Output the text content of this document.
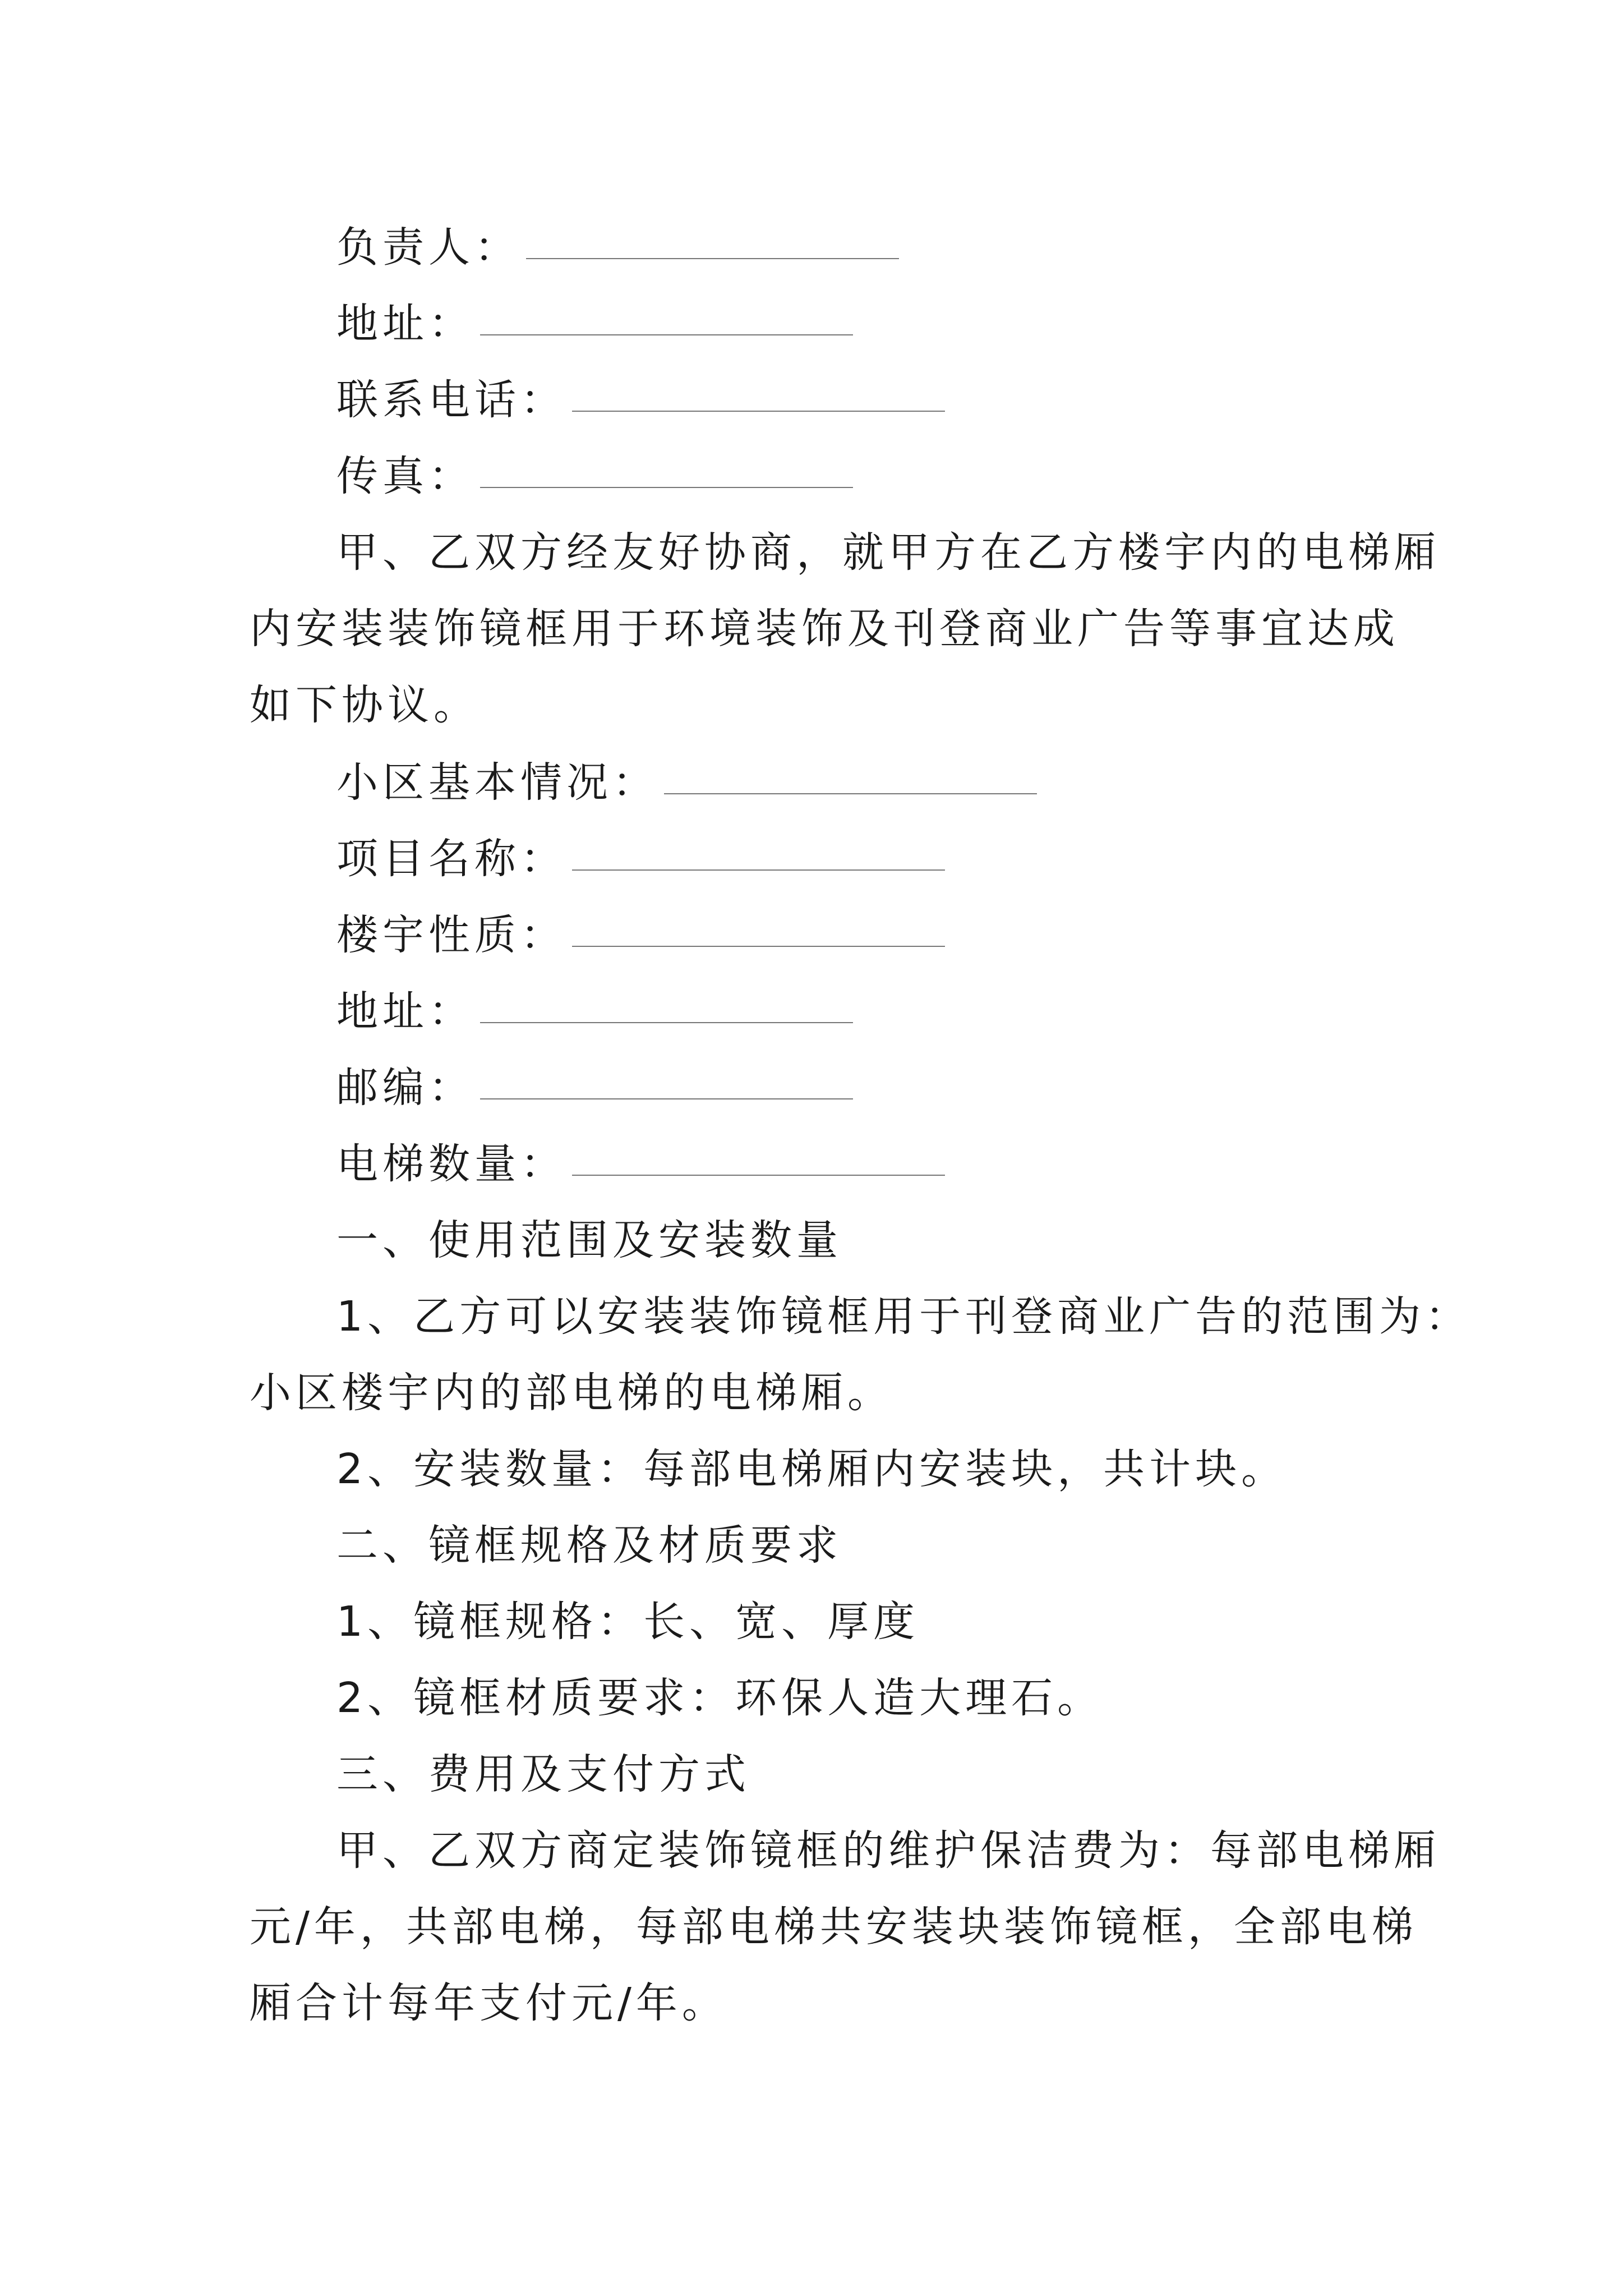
负责人：
地址：
联系电话：
传真：
甲、乙双方经友好协商，就甲方在乙方楼宇内的电梯厢
内安装装饰镜框用于环境装饰及刊登商业广告等事宜达成
如下协议。
小区基本情况：
项目名称：
楼宇性质：
地址：
邮编：
电梯数量：
一、使用范围及安装数量
1、乙方可以安装装饰镜框用于刊登商业广告的范围为：
小区楼宇内的部电梯的电梯厢。
2、安装数量：每部电梯厢内安装块，共计块。
二、镜框规格及材质要求
1、镜框规格：长、宽、厚度
2、镜框材质要求：环保人造大理石。
三、费用及支付方式
甲、乙双方商定装饰镜框的维护保洁费为：每部电梯厢
元/年，共部电梯，每部电梯共安装块装饰镜框，全部电梯
厢合计每年支付元/年。
